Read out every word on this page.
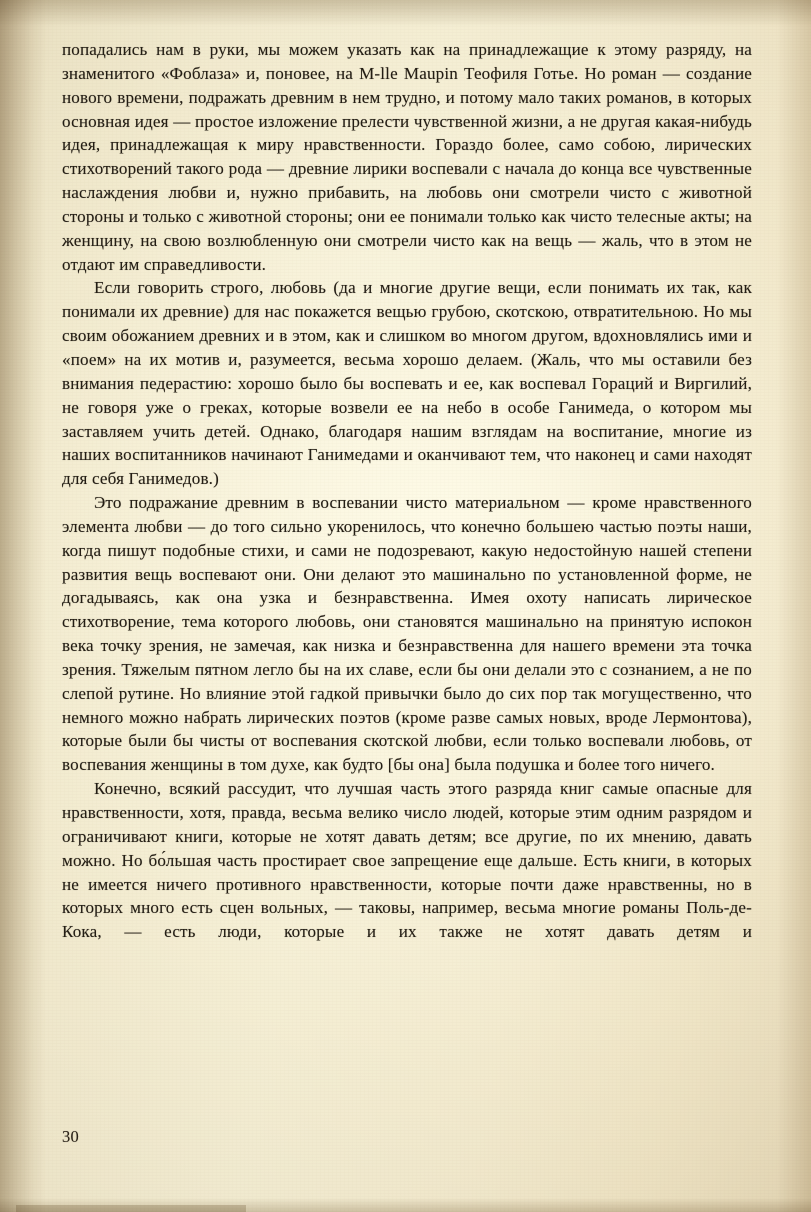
попадались нам в руки, мы можем указать как на принадлежащие к этому разряду, на знаменитого «Фоблаза» и, поновее, на M-lle Maupin Теофиля Готье. Но роман — создание нового времени, подражать древним в нем трудно, и потому мало таких романов, в которых основная идея — простое изложение прелести чувственной жизни, а не другая какая-нибудь идея, принадлежащая к миру нравственности. Гораздо более, само собою, лирических стихотворений такого рода — древние лирики воспевали с начала до конца все чувственные наслаждения любви и, нужно прибавить, на любовь они смотрели чисто с животной стороны и только с животной стороны; они ее понимали только как чисто телесные акты; на женщину, на свою возлюбленную они смотрели чисто как на вещь — жаль, что в этом не отдают им справедливости.

Если говорить строго, любовь (да и многие другие вещи, если понимать их так, как понимали их древние) для нас покажется вещью грубою, скотскою, отвратительною. Но мы своим обожанием древних и в этом, как и слишком во многом другом, вдохновлялись ими и «поем» на их мотив и, разумеется, весьма хорошо делаем. (Жаль, что мы оставили без внимания педерастию: хорошо было бы воспевать и ее, как воспевал Гораций и Виргилий, не говоря уже о греках, которые возвели ее на небо в особе Ганимеда, о котором мы заставляем учить детей. Однако, благодаря нашим взглядам на воспитание, многие из наших воспитанников начинают Ганимедами и оканчивают тем, что наконец и сами находят для себя Ганимедов.)

Это подражание древним в воспевании чисто материальном — кроме нравственного элемента любви — до того сильно укоренилось, что конечно большею частью поэты наши, когда пишут подобные стихи, и сами не подозревают, какую недостойную нашей степени развития вещь воспевают они. Они делают это машинально по установленной форме, не догадываясь, как она узка и безнравственна. Имея охоту написать лирическое стихотворение, тема которого любовь, они становятся машинально на принятую испокон века точку зрения, не замечая, как низка и безнравственна для нашего времени эта точка зрения. Тяжелым пятном легло бы на их славе, если бы они делали это с сознанием, а не по слепой рутине. Но влияние этой гадкой привычки было до сих пор так могущественно, что немного можно набрать лирических поэтов (кроме разве самых новых, вроде Лермонтова), которые были бы чисты от воспевания скотской любви, если только воспевали любовь, от воспевания женщины в том духе, как будто [бы она] была подушка и более того ничего.

Конечно, всякий рассудит, что лучшая часть этого разряда книг самые опасные для нравственности, хотя, правда, весьма велико число людей, которые этим одним разрядом и ограничивают книги, которые не хотят давать детям; все другие, по их мнению, давать можно. Но бо́льшая часть простирает свое запрещение еще дальше. Есть книги, в которых не имеется ничего противного нравственности, которые почти даже нравственны, но в которых много есть сцен вольных, — таковы, например, весьма многие романы Поль-де-Кока, — есть люди, которые и их также не хотят давать детям и

30
